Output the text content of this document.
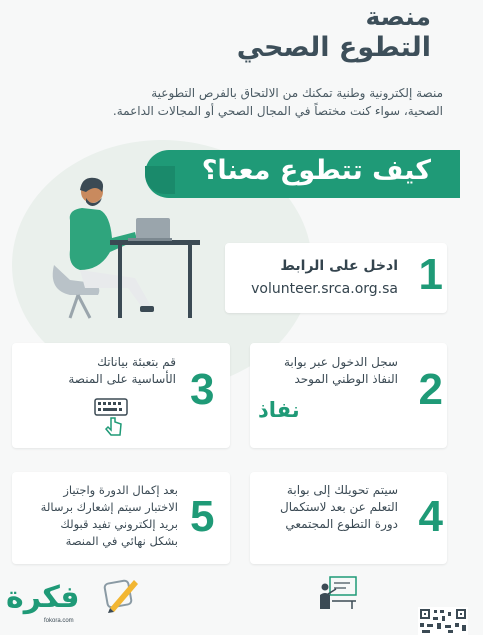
منصة
التطوع الصحي
منصة إلكترونية وطنية تمكنك من الالتحاق بالفرص التطوعية
الصحية، سواء كنت مختصاً في المجال الصحي أو المجالات الداعمة.
كيف تتطوع معنا؟
1
ادخل على الرابط
volunteer.srca.org.sa
3
قم بتعبئة بياناتك
الأساسية على المنصة	2
سجل الدخول عبر بوابة
النفاذ الوطني الموحد
نفاذ
5
بعد إكمال الدورة واجتياز
الاختبار سيتم إشعارك برسالة
بريد إلكتروني تفيد قبولك
بشكل نهائي في المنصة	4
سيتم تحويلك إلى بوابة
التعلم عن بعد لاستكمال
دورة التطوع المجتمعي
فكرة
fokora.com
